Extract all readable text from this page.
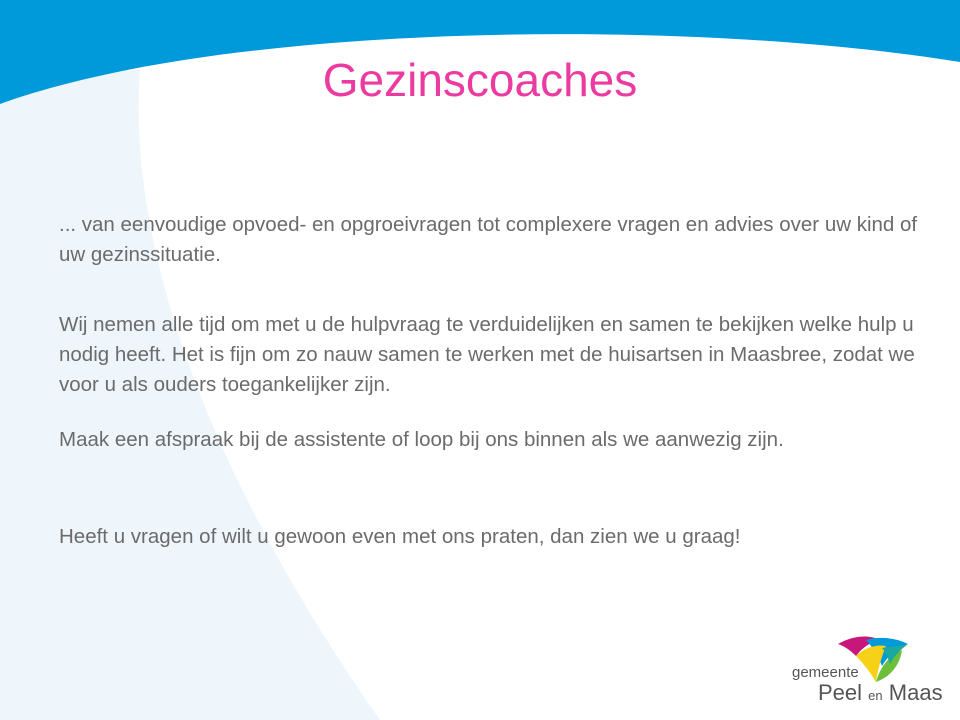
Gezinscoaches

... van eenvoudige opvoed- en opgroeivragen tot complexere vragen en advies over uw kind of uw gezinssituatie.

Wij nemen alle tijd om met u de hulpvraag te verduidelijken en samen te bekijken welke hulp u nodig heeft. Het is fijn om zo nauw samen te werken met de huisartsen in Maasbree, zodat we voor u als ouders toegankelijker zijn.

Maak een afspraak bij de assistente of loop bij ons binnen als we aanwezig zijn.

Heeft u vragen of wilt u gewoon even met ons praten, dan zien we u graag!

gemeente
Peel en Maas
